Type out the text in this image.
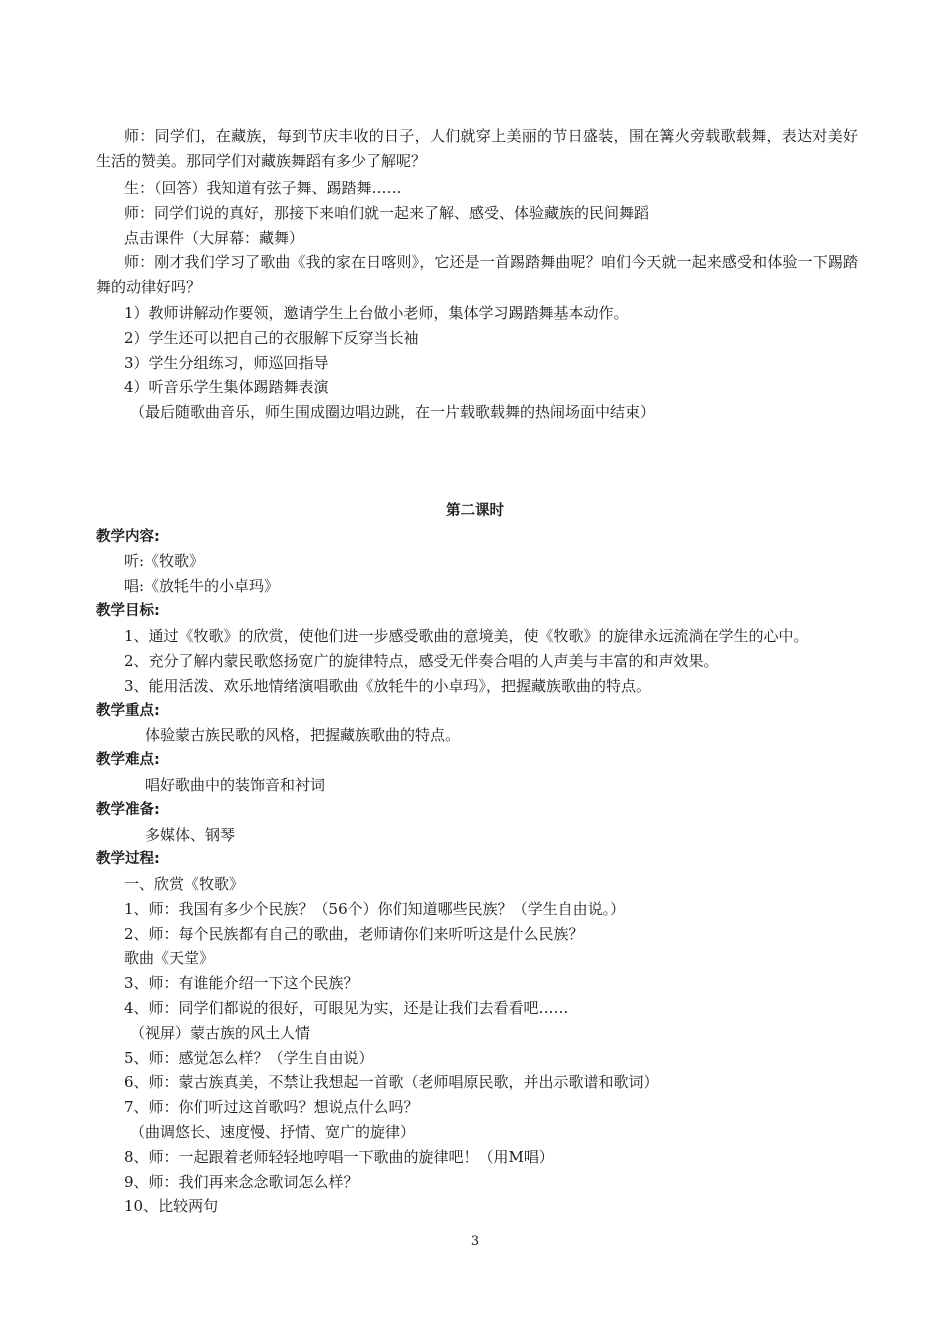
师：同学们，在藏族，每到节庆丰收的日子，人们就穿上美丽的节日盛装，围在篝火旁载歌载舞，表达对美好生活的赞美。那同学们对藏族舞蹈有多少了解呢？
生：（回答）我知道有弦子舞、踢踏舞……
师：同学们说的真好，那接下来咱们就一起来了解、感受、体验藏族的民间舞蹈
点击课件（大屏幕：藏舞）
师：刚才我们学习了歌曲《我的家在日喀则》，它还是一首踢踏舞曲呢？咱们今天就一起来感受和体验一下踢踏舞的动律好吗？
1）教师讲解动作要领，邀请学生上台做小老师，集体学习踢踏舞基本动作。
2）学生还可以把自己的衣服解下反穿当长袖
3）学生分组练习，师巡回指导
4）听音乐学生集体踢踏舞表演
（最后随歌曲音乐，师生围成圈边唱边跳，在一片载歌载舞的热闹场面中结束）
第二课时
教学内容:
听:《牧歌》
唱:《放牦牛的小卓玛》
教学目标:
1、通过《牧歌》的欣赏，使他们进一步感受歌曲的意境美，使《牧歌》的旋律永远流淌在学生的心中。
2、充分了解内蒙民歌悠扬宽广的旋律特点，感受无伴奏合唱的人声美与丰富的和声效果。
3、能用活泼、欢乐地情绪演唱歌曲《放牦牛的小卓玛》，把握藏族歌曲的特点。
教学重点:
体验蒙古族民歌的风格，把握藏族歌曲的特点。
教学难点:
唱好歌曲中的装饰音和衬词
教学准备:
多媒体、钢琴
教学过程:
一、欣赏《牧歌》
1、师：我国有多少个民族？（56个）你们知道哪些民族？（学生自由说。）
2、师：每个民族都有自己的歌曲，老师请你们来听听这是什么民族？
歌曲《天堂》
3、师：有谁能介绍一下这个民族？
4、师：同学们都说的很好，可眼见为实，还是让我们去看看吧……
（视屏）蒙古族的风土人情
5、师：感觉怎么样？（学生自由说）
6、师：蒙古族真美，不禁让我想起一首歌（老师唱原民歌，并出示歌谱和歌词）
7、师：你们听过这首歌吗？想说点什么吗？
（曲调悠长、速度慢、抒情、宽广的旋律）
8、师：一起跟着老师轻轻地哼唱一下歌曲的旋律吧！（用M唱）
9、师：我们再来念念歌词怎么样？
10、比较两句
3
